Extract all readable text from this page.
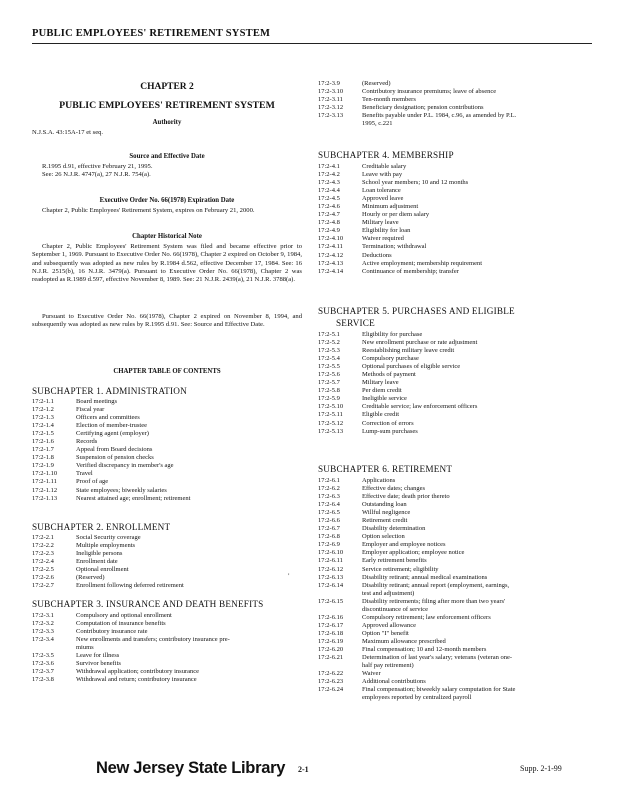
PUBLIC EMPLOYEES' RETIREMENT SYSTEM
CHAPTER 2
PUBLIC EMPLOYEES' RETIREMENT SYSTEM
Authority
N.J.S.A. 43:15A-17 et seq.
Source and Effective Date
R.1995 d.91, effective February 21, 1995.
See: 26 N.J.R. 4747(a), 27 N.J.R. 754(a).
Executive Order No. 66(1978) Expiration Date
Chapter 2, Public Employees' Retirement System, expires on February 21, 2000.
Chapter Historical Note
Chapter 2, Public Employees' Retirement System was filed and became effective prior to September 1, 1969. Pursuant to Executive Order No. 66(1978), Chapter 2 expired on October 9, 1984, and subsequently was adopted as new rules by R.1984 d.562, effective December 17, 1984. See: 16 N.J.R. 2515(b), 16 N.J.R. 3479(a). Pursuant to Executive Order No. 66(1978), Chapter 2 was readopted as R.1989 d.597, effective November 8, 1989. See: 21 N.J.R. 2439(a), 21 N.J.R. 3788(a).
Pursuant to Executive Order No. 66(1978), Chapter 2 expired on November 8, 1994, and subsequently was adopted as new rules by R.1995 d.91. See: Source and Effective Date.
CHAPTER TABLE OF CONTENTS
SUBCHAPTER 1. ADMINISTRATION
17:2-1.1	Board meetings
17:2-1.2	Fiscal year
17:2-1.3	Officers and committees
17:2-1.4	Election of member-trustee
17:2-1.5	Certifying agent (employer)
17:2-1.6	Records
17:2-1.7	Appeal from Board decisions
17:2-1.8	Suspension of pension checks
17:2-1.9	Verified discrepancy in member's age
17:2-1.10	Travel
17:2-1.11	Proof of age
17:2-1.12	State employees; biweekly salaries
17:2-1.13	Nearest attained age; enrollment; retirement
SUBCHAPTER 2. ENROLLMENT
17:2-2.1	Social Security coverage
17:2-2.2	Multiple employments
17:2-2.3	Ineligible persons
17:2-2.4	Enrollment date
17:2-2.5	Optional enrollment
17:2-2.6	(Reserved)
17:2-2.7	Enrollment following deferred retirement
,
SUBCHAPTER 3. INSURANCE AND DEATH BENEFITS
17:2-3.1	Compulsory and optional enrollment
17:2-3.2	Computation of insurance benefits
17:2-3.3	Contributory insurance rate
17:2-3.4	New enrollments and transfers; contributory insurance pre-
miums
17:2-3.5	Leave for illness
17:2-3.6	Survivor benefits
17:2-3.7	Withdrawal application; contributory insurance
17:2-3.8	Withdrawal and return; contributory insurance
17:2-3.9	(Reserved)
17:2-3.10	Contributory insurance premiums; leave of absence
17:2-3.11	Ten-month members
17:2-3.12	Beneficiary designation; pension contributions
17:2-3.13	Benefits payable under P.L. 1984, c.96, as amended by P.L.
1995, c.221
SUBCHAPTER 4. MEMBERSHIP
17:2-4.1	Creditable salary
17:2-4.2	Leave with pay
17:2-4.3	School year members; 10 and 12 months
17:2-4.4	Loan tolerance
17:2-4.5	Approved leave
17:2-4.6	Minimum adjustment
17:2-4.7	Hourly or per diem salary
17:2-4.8	Military leave
17:2-4.9	Eligibility for loan
17:2-4.10	Waiver required
17:2-4.11	Termination; withdrawal
17:2-4.12	Deductions
17:2-4.13	Active employment; membership requirement
17:2-4.14	Continuance of membership; transfer
SUBCHAPTER 5. PURCHASES AND ELIGIBLE
SERVICE
17:2-5.1	Eligibility for purchase
17:2-5.2	New enrollment purchase or rate adjustment
17:2-5.3	Reestablishing military leave credit
17:2-5.4	Compulsory purchase
17:2-5.5	Optional purchases of eligible service
17:2-5.6	Methods of payment
17:2-5.7	Military leave
17:2-5.8	Per diem credit
17:2-5.9	Ineligible service
17:2-5.10	Creditable service; law enforcement officers
17:2-5.11	Eligible credit
17:2-5.12	Correction of errors
17:2-5.13	Lump-sum purchases
SUBCHAPTER 6. RETIREMENT
17:2-6.1	Applications
17:2-6.2	Effective dates; changes
17:2-6.3	Effective date; death prior thereto
17:2-6.4	Outstanding loan
17:2-6.5	Willful negligence
17:2-6.6	Retirement credit
17:2-6.7	Disability determination
17:2-6.8	Option selection
17:2-6.9	Employer and employee notices
17:2-6.10	Employer application; employee notice
17:2-6.11	Early retirement benefits
17:2-6.12	Service retirement; eligibility
17:2-6.13	Disability retirant; annual medical examinations
17:2-6.14	Disability retirant; annual report (employment, earnings,
test and adjustment)
17:2-6.15	Disability retirements; filing after more than two years'
discontinuance of service
17:2-6.16	Compulsory retirement; law enforcement officers
17:2-6.17	Approved allowance
17:2-6.18	Option "I" benefit
17:2-6.19	Maximum allowance prescribed
17:2-6.20	Final compensation; 10 and 12-month members
17:2-6.21	Determination of last year's salary; veterans (veteran one-
half pay retirement)
17:2-6.22	Waiver
17:2-6.23	Additional contributions
17:2-6.24	Final compensation; biweekly salary computation for State
employees reported by centralized payroll
New Jersey State Library 2-1	Supp. 2-1-99
